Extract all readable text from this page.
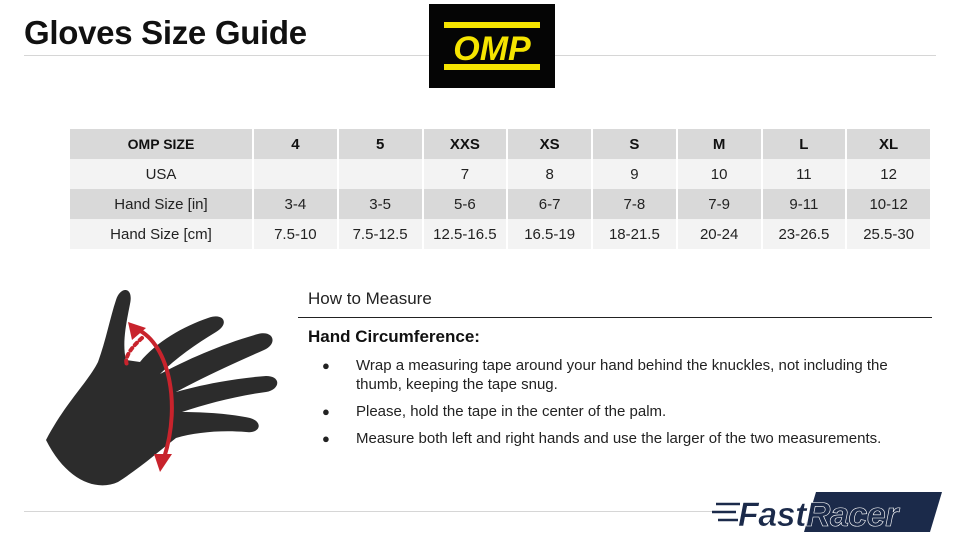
Gloves Size Guide	OMP
OMP SIZE	4	5	XXS	XS	S	M	L	XL
USA			7	8	9	10	11	12
Hand Size [in]	3-4	3-5	5-6	6-7	7-8	7-9	9-11	10-12
Hand Size [cm]	7.5-10	7.5-12.5	12.5-16.5	16.5-19	18-21.5	20-24	23-26.5	25.5-30
How to Measure
Hand Circumference:
● Wrap a measuring tape around your hand behind the knuckles, not including the thumb, keeping the tape snug.
● Please, hold the tape in the center of the palm.
● Measure both left and right hands and use the larger of the two measurements.
FastRacer
